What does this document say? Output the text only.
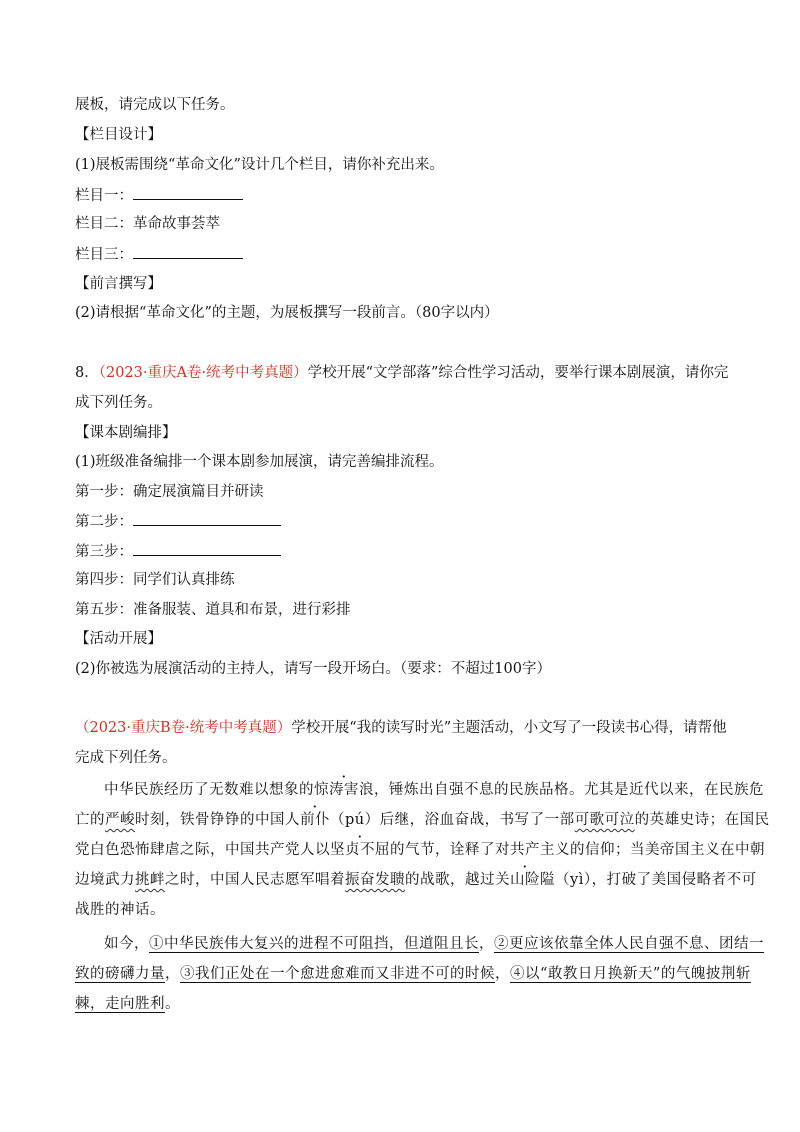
展板，请完成以下任务。
【栏目设计】
(1)展板需围绕“革命文化”设计几个栏目，请你补充出来。
栏目一：
栏目二：革命故事荟萃
栏目三：
【前言撰写】
(2)请根据“革命文化”的主题，为展板撰写一段前言。（80字以内）
8．（2023·重庆A卷·统考中考真题）学校开展“文学部落”综合性学习活动，要举行课本剧展演，请你完
成下列任务。
【课本剧编排】
(1)班级准备编排一个课本剧参加展演，请完善编排流程。
第一步：确定展演篇目并研读
第二步：
第三步：
第四步：同学们认真排练
第五步：准备服装、道具和布景，进行彩排
【活动开展】
(2)你被选为展演活动的主持人，请写一段开场白。（要求：不超过100字）
（2023·重庆B卷·统考中考真题）学校开展“我的读写时光”主题活动，小文写了一段读书心得，请帮他
完成下列任务。
中华民族经历了无数难以想象的惊涛害浪，锤炼出自强不息的民族品格。尤其是近代以来，在民族危
亡的严峻时刻，铁骨铮铮的中国人前仆（pú）后继，浴血奋战，书写了一部可歌可泣的英雄史诗；在国民
党白色恐怖肆虐之际，中国共产党人以坚贞不屈的气节，诠释了对共产主义的信仰；当美帝国主义在中朝
边境武力挑衅之时，中国人民志愿军唱着振奋发聩的战歌，越过关山险隘（yì），打破了美国侵略者不可
战胜的神话。
如今，①中华民族伟大复兴的进程不可阻挡，但道阻且长，②更应该依靠全体人民自强不息、团结一
致的磅礴力量，③我们正处在一个愈进愈难而又非进不可的时候，④以“敢教日月换新天”的气魄披荆斩
棘，走向胜利。
